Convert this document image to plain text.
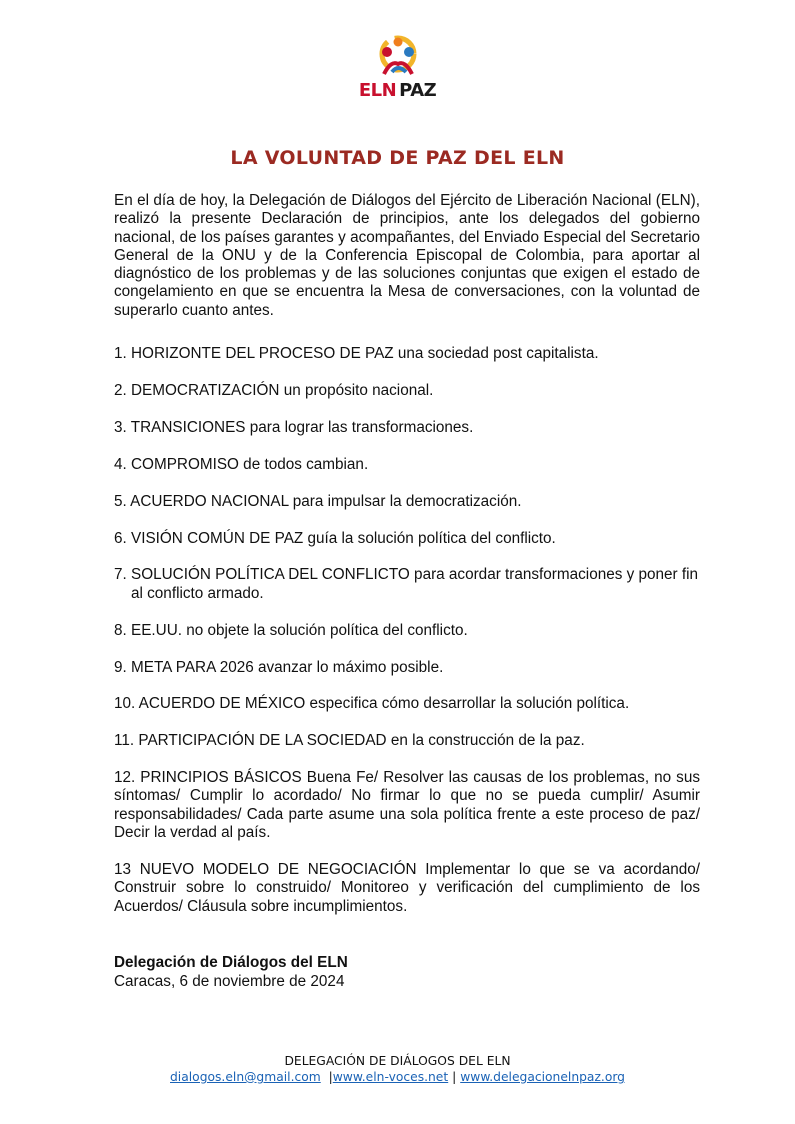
ELN PAZ
LA VOLUNTAD DE PAZ DEL ELN

En el día de hoy, la Delegación de Diálogos del Ejército de Liberación Nacional (ELN), realizó la presente Declaración de principios, ante los delegados del gobierno nacional, de los países garantes y acompañantes, del Enviado Especial del Secretario General de la ONU y de la Conferencia Episcopal de Colombia, para aportar al diagnóstico de los problemas y de las soluciones conjuntas que exigen el estado de congelamiento en que se encuentra la Mesa de conversaciones, con la voluntad de superarlo cuanto antes.

1. HORIZONTE DEL PROCESO DE PAZ una sociedad post capitalista.

2. DEMOCRATIZACIÓN un propósito nacional.

3. TRANSICIONES para lograr las transformaciones.

4. COMPROMISO de todos cambian.

5. ACUERDO NACIONAL para impulsar la democratización.

6. VISIÓN COMÚN DE PAZ guía la solución política del conflicto.

7. SOLUCIÓN POLÍTICA DEL CONFLICTO para acordar transformaciones y poner fin al conflicto armado.

8. EE.UU. no objete la solución política del conflicto.

9. META PARA 2026 avanzar lo máximo posible.

10. ACUERDO DE MÉXICO especifica cómo desarrollar la solución política.

11. PARTICIPACIÓN DE LA SOCIEDAD en la construcción de la paz.

12. PRINCIPIOS BÁSICOS Buena Fe/ Resolver las causas de los problemas, no sus síntomas/ Cumplir lo acordado/ No firmar lo que no se pueda cumplir/ Asumir responsabilidades/ Cada parte asume una sola política frente a este proceso de paz/ Decir la verdad al país.

13 NUEVO MODELO DE NEGOCIACIÓN Implementar lo que se va acordando/ Construir sobre lo construido/ Monitoreo y verificación del cumplimiento de los Acuerdos/ Cláusula sobre incumplimientos.

Delegación de Diálogos del ELN
Caracas, 6 de noviembre de 2024
DELEGACIÓN DE DIÁLOGOS DEL ELN
dialogos.eln@gmail.com |www.eln-voces.net | www.delegacionelnpaz.org
